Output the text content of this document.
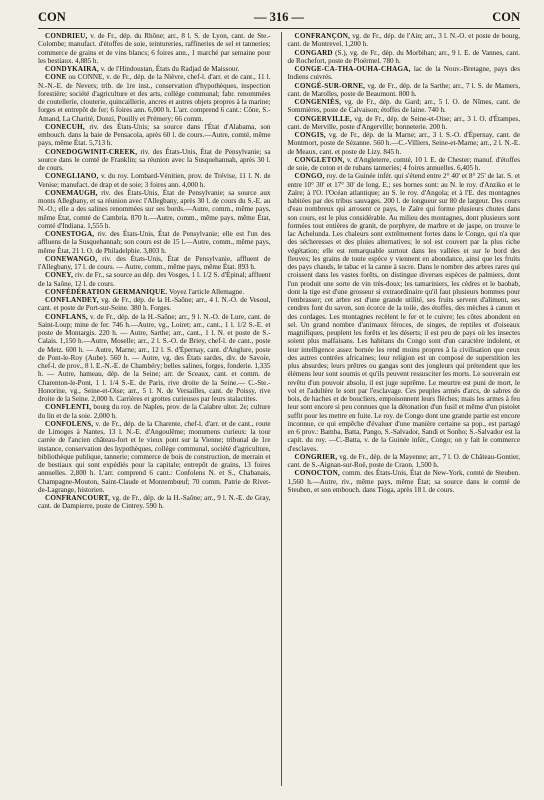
CON	— 316 —	CON

CONDRIEU, v. de Fr., dép. du Rhône; arr., 8 l. S. de Lyon, cant. de Ste.-Colombe; manufact. d'étoffes de soie, teintureries, raffineries de sel et tanneries; commerce de grains et de vins blancs; 6 foires ann., 1 marché par semaine pour les bestiaux. 4,885 h.

CONDYKAIRA, v. de l'Hindoustan, États du Radjad de Maissour.

CONE ou CONNE, v. de Fr., dép. de la Nièvre, chef-l. d'arr. et de cant., 11 l. N.-N.-E. de Nevers; trib. de 1re inst., conservation d'hypothèques, inspection forestière; société d'agriculture et des arts, collége communal; fabr. renommées de coutellerie, clouterie, quincaillerie, ancres et autres objets propres à la marine; forges et entrepôt de fer; 6 foires ann. 6,000 h. L'arr. comprend 6 cant.: Cône, S.-Amand, La Charité, Donzi, Pouilly et Prémery; 66 comm.

CONECUH, riv. des États-Unis; sa source dans l'État d'Alabama, son embouch. dans la baie de Pensacola, après 60 l. de cours.—Autre, comté, même pays, même État. 5,713 h.

CONEDOGWINIT-CREEK, riv. des États-Unis, État de Pensylvanie; sa source dans le comté de Franklin; sa réunion avec la Susquehannah, après 30 l. de cours.

CONEGLIANO, v. du roy. Lombard-Vénitien, prov. de Trévise, 11 l. N. de Venise; manufact. de drap et de soie; 3 foires ann. 4,000 h.

CONEMAUGH, riv. des États-Unis, État de Pensylvanie; sa source aux monts Allegbany, et sa réunion avec l'Allegbany, après 30 l. de cours du S.-E. au N.-O.; elle a des salines renommées sur ses bords.—Autre, comm., même pays, même État, comté de Cambria. 870 h.—Autre, comm., même pays, même État, comté d'Indiana. 1,555 h.

CONESTOGA, riv. des États-Unis, État de Pensylvanie; elle est l'un des affluens de la Susquehannah; son cours est de 15 l.—Autre, comm., même pays, même État, 21 l. O. de Philadelphie. 3,803 h.

CONEWANGO, riv. des États-Unis, État de Pensylvanie, affluent de l'Allegbany, 17 l. de cours. — Autre, comm., même pays, même État. 893 h.

CONEY, riv. de Fr., sa source au dép. des Vosges, 1 l. 1/2 S. d'Épinal; affluent de la Saône, 12 l. de cours.

CONFÉDÉRATION GERMANIQUE. Voyez l'article Allemagne.

CONFLANDEY, vg. de Fr., dép. de la H.-Saône; arr., 4 l. N.-O. de Vesoul, cant. et poste de Port-sur-Seine. 380 h. Forges.

CONFLANS, v. de Fr., dép. de la H.-Saône; arr., 9 l. N.-O. de Lure, cant. de Saint-Loup; mine de fer. 746 h.—Autre, vg., Loiret; arr., cant., 1 l. 1/2 S.-E. et poste de Montargis. 220 h. — Autre, Sarthe; arr., cant., 1 l. N. et poste de S.-Calais. 1,150 h.—Autre, Moselle; arr., 2 l. S.-O. de Briey, chef-l. de cant., poste de Metz. 600 h. — Autre, Marne; arr., 12 l. S. d'Épernay, cant. d'Anglure, poste de Pont-le-Roy (Aube). 560 h. — Autre, vg. des États sardes, div. de Savoie, chef-l. de prov., 8 l. E.-N.-E. de Chambéry; belles salines, forges, fonderie. 1,335 h. — Autre, hameau, dép. de la Seine; arr. de Sceaux, cant. et comm. de Charenton-le-Pont, 1 l. 1/4 S.-E. de Paris, rive droite de la Seine.— C.-Ste.-Honorine, vg., Seine-et-Oise; arr., 5 l. N. de Versailles, cant. de Poissy, rive droite de la Seine. 2,000 h. Carrières et grottes curieuses par leurs stalactites.

CONFLENTI, bourg du roy. de Naples, prov. de la Calabre ulter. 2e; culture du lin et de la soie. 2,000 h.

CONFOLENS, v. de Fr., dép. de la Charente, chef-l. d'arr. et de cant., route de Limoges à Nantes, 13 l. N.-E. d'Angoulême; monumens curieux: la tour carrée de l'ancien château-fort et le vieux pont sur la Vienne; tribunal de 1re instance, conservation des hypothèques, collége communal, société d'agriculture, bibliothèque publique, tannerie; commerce de bois de construction, de merrain et de bestiaux qui sont expédiés pour la capitale; entrepôt de grains, 13 foires annuelles. 2,800 h. L'arr. comprend 6 cant.: Confolens N. et S., Chabanais, Champagne-Mouton, Saint-Claude et Montembœuf; 70 comm. Patrie de Rivet-de-Lagrange, historien.

CONFRANCOURT, vg. de Fr., dép. de la H.-Saône; arr., 9 l. N.-E. de Gray, cant. de Dampierre, poste de Cintrey. 590 h.

CONFRANÇON, vg. de Fr., dép. de l'Ain; arr., 3 l. N.-O. et poste de bourg, cant. de Montrevel. 1,200 h.

CONGARD (S.), vg. de Fr., dép. du Morbihan; arr., 9 l. E. de Vannes, cant. de Rochefort, poste de Ploërmel. 780 h.

CONGE-CA-THA-OUHA-CHAGA, lac de la Nouv.-Bretagne, pays des Indiens cuivrés.

CONGÉ-SUR-ORNE, vg. de Fr., dép. de la Sarthe; arr., 7 l. S. de Mamers, cant. de Marolles, poste de Beaumont. 800 h.

CONGENIÈS, vg. de Fr., dép. du Gard; arr., 5 l. O. de Nîmes, cant. de Sommières, poste de Calvaison; étoffes de laine. 740 h.

CONGERVILLE, vg. de Fr., dép. de Seine-et-Oise; arr., 3 l. O. d'Étampes, cant. de Merville, poste d'Angerville; bonneterie. 200 h.

CONGIS, vg. de Fr., dép. de la Marne; arr., 3 l. S.-O. d'Épernay, cant. de Montmort, poste de Sézanne. 560 h.—C.-Villiers, Seine-et-Marne; arr., 2 l. N.-E. de Meaux, cant. et poste de Lizy. 845 h.

CONGLETON, v. d'Angleterre, comté, 10 l. E. de Chester; manuf. d'étoffes de soie, de coton et de rubans tanneries; 4 foires annuelles. 6,405 h.

CONGO, roy. de la Guinée infér. qui s'étend entre 2° 40' et 8° 25' de lat. S. et entre 10° 30' et 17° 30' de long. E.; ses bornes sont: au N. le roy. d'Anziko et le Zaïre; à l'O. l'Océan atlantique; au S. le roy. d'Angola; et à l'E. des montagnes habitées par des tribus sauvages. 200 l. de longueur sur 80 de largeur. Des cours d'eau nombreux qui arrosent ce pays, le Zaïre qui forme plusieurs chutes dans son cours, est le plus considérable. Au milieu des montagnes, dont plusieurs sont formées tout entières de granit, de porphyre, de marbre et de jaspe, on trouve le lac Achelunda. Les chaleurs sont extrêmement fortes dans le Congo, qui n'a que des sécheresses et des pluies alternatives; le sol est couvert par la plus riche végétation; elle est remarquable surtout dans les vallées et sur le bord des fleuves; les grains de toute espèce y viennent en abondance, ainsi que les fruits des pays chauds, le tabac et la canne à sucre. Dans le nombre des arbres rares qui croissent dans les vastes forêts, on distingue diverses espèces de palmiers, dont l'un produit une sorte de vin très-doux; les tamariniers, les cèdres et le baobab, dont la tige est d'une grosseur si extraordinaire qu'il faut plusieurs hommes pour l'embrasser; cet arbre est d'une grande utilité, ses fruits servent d'aliment, ses cendres font du savon, son écorce de la toile, des étoffes, des mèches à canon et des cordages. Les montagnes recèlent le fer et le cuivre; les côtes abondent en sel. Un grand nombre d'animaux féroces, de singes, de reptiles et d'oiseaux magnifiques, peuplent les forêts et les déserts; il est peu de pays où les insectes soient plus malfaisans. Les habitans du Congo sont d'un caractère indolent, et leur intelligence assez bornée les rend moins propres à la civilisation que ceux des autres contrées africaines; leur religion est un composé de superstition les plus absurdes; leurs prêtres ou gangas sont des jongleurs qui prétendent que les élémens leur sont soumis et qu'ils peuvent ressusciter les morts. Le souverain est revêtu d'un pouvoir absolu, il est juge suprême. Le meurtre est puni de mort, le vol et l'adultère le sont par l'esclavage. Ces peuples armés d'arcs, de sabres de bois, de haches et de boucliers, empoisonnent leurs flèches; mais les armes à feu leur sont encore si peu connues que la détonation d'un fusil et même d'un pistolet suffit pour les mettre en fuite. Le roy. de Congo dont une grande partie est encore inconnue, ce qui empêche d'évaluer d'une manière certaine sa pop., est partagé en 6 prov.: Bamba, Batta, Pango, S.-Salvador, Sandi et Sonho; S.-Salvador est la capit. du roy. —C.-Batta, v. de la Guinée infér., Congo; on y fait le commerce d'esclaves.

CONGRIER, vg. de Fr., dép. de la Mayenne; arr., 7 l. O. de Château-Gontier, cant. de S.-Aignan-sur-Roë, poste de Craon. 1,500 h.

CONOCTON, comm. des États-Unis, État de New-York, comté de Steuben. 1,560 h.—Autre, riv., même pays, même État; sa source dans le comté de Steuben, et son embouch. dans Tioga, après 18 l. de cours.
